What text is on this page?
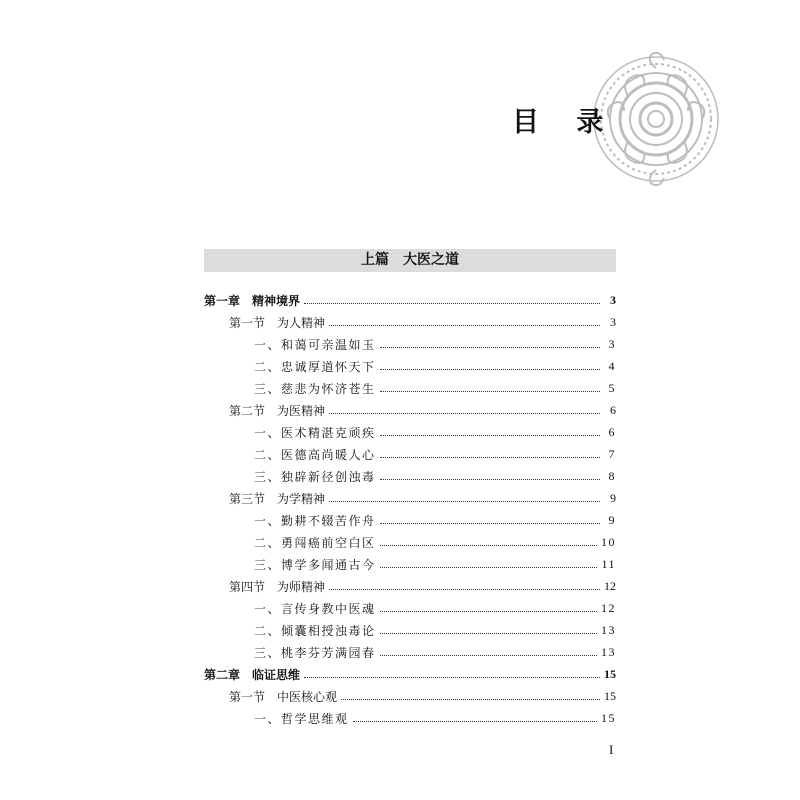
目 录
上篇　大医之道
第一章　精神境界	3
第一节　为人精神	3
一、和蔼可亲温如玉	3
二、忠诚厚道怀天下	4
三、慈悲为怀济苍生	5
第二节　为医精神	6
一、医术精湛克顽疾	6
二、医德高尚暖人心	7
三、独辟新径创浊毒	8
第三节　为学精神	9
一、勤耕不辍苦作舟	9
二、勇闯癌前空白区	10
三、博学多闻通古今	11
第四节　为师精神	12
一、言传身教中医魂	12
二、倾囊相授浊毒论	13
三、桃李芬芳满园春	13
第二章　临证思维	15
第一节　中医核心观	15
一、哲学思维观	15
I
